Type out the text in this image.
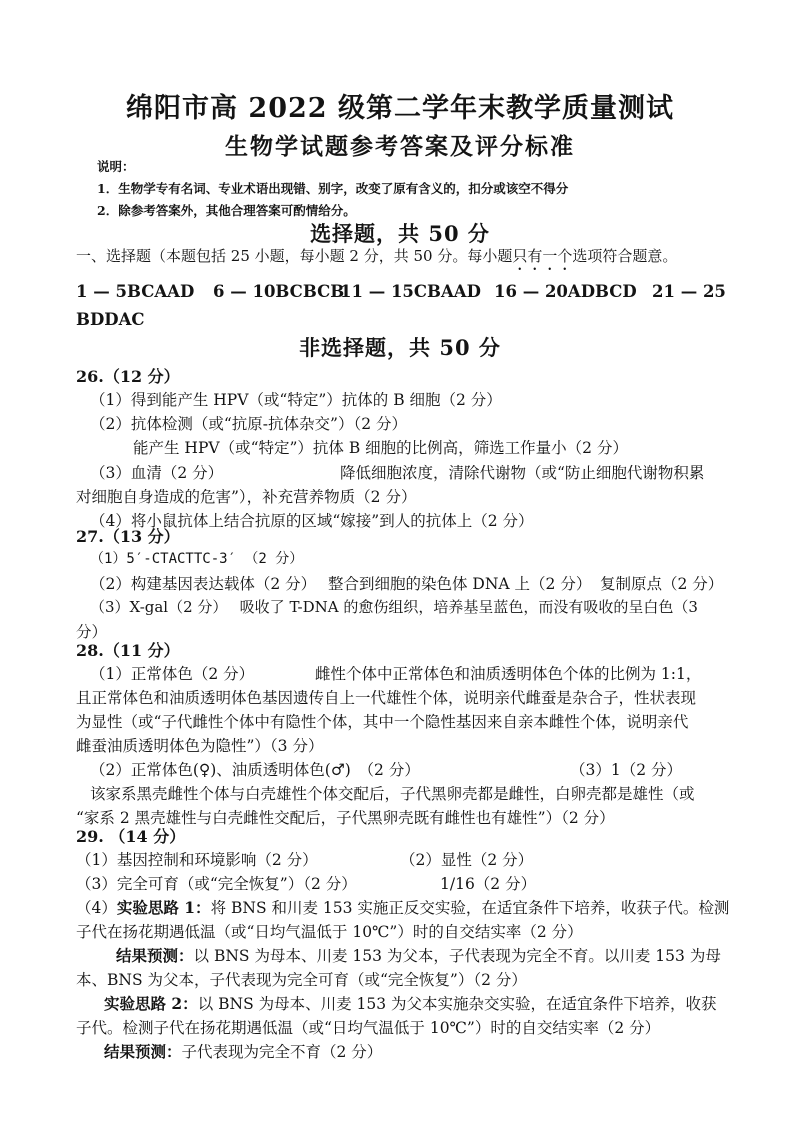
绵阳市高 2022 级第二学年末教学质量测试
生物学试题参考答案及评分标准
说明：
1．生物学专有名词、专业术语出现错、别字，改变了原有含义的，扣分或该空不得分
2．除参考答案外，其他合理答案可酌情给分。
选择题，共 50 分
一、选择题（本题包括 25 小题，每小题 2 分，共 50 分。每小题只有一个选项符合题意。
1 — 5BCAAD 6 — 10BCBCB
11 — 15CBAAD 16 — 20ADBCD 21 — 25
BDDAC
非选择题，共 50 分
26.（12 分）
（1）得到能产生 HPV（或“特定”）抗体的 B 细胞（2 分）
（2）抗体检测（或“抗原-抗体杂交”）（2 分）
能产生 HPV（或“特定”）抗体 B 细胞的比例高，筛选工作量小（2 分）
（3）血清（2 分）	降低细胞浓度，清除代谢物（或“防止细胞代谢物积累
对细胞自身造成的危害”），补充营养物质（2 分）
（4）将小鼠抗体上结合抗原的区域“嫁接”到人的抗体上（2 分）
27.（13 分）
（1）5′-CTACTTC-3′ （2 分）
（2）构建基因表达载体（2 分） 整合到细胞的染色体 DNA 上（2 分） 复制原点（2 分）
（3）X-gal（2 分）　 吸收了 T-DNA 的愈伤组织，培养基呈蓝色，而没有吸收的呈白色（3
分）
28.（11 分）
（1）正常体色（2 分）	雌性个体中正常体色和油质透明体色个体的比例为 1:1，
且正常体色和油质透明体色基因遗传自上一代雄性个体，说明亲代雌蚕是杂合子，性状表现
为显性（或“子代雌性个体中有隐性个体，其中一个隐性基因来自亲本雌性个体，说明亲代
雌蚕油质透明体色为隐性”）（3 分）
（2）正常体色(♀)、油质透明体色(♂)　（2 分）	（3）1（2 分）
该家系黑壳雌性个体与白壳雄性个体交配后，子代黑卵壳都是雌性，白卵壳都是雄性（或
“家系 2 黑壳雄性与白壳雌性交配后，子代黑卵壳既有雌性也有雄性”）（2 分）
29. （14 分）
（1）基因控制和环境影响（2 分）	（2）显性（2 分）
（3）完全可育（或“完全恢复”）（2 分）	1/16（2 分）
（4）实验思路 1：将 BNS 和川麦 153 实施正反交实验，在适宜条件下培养，收获子代。检测
子代在扬花期遇低温（或“日均气温低于 10℃”）时的自交结实率（2 分）
结果预测：以 BNS 为母本、川麦 153 为父本，子代表现为完全不育。以川麦 153 为母
本、BNS 为父本，子代表现为完全可育（或“完全恢复”）（2 分）
实验思路 2：以 BNS 为母本、川麦 153 为父本实施杂交实验，在适宜条件下培养，收获
子代。检测子代在扬花期遇低温（或“日均气温低于 10℃”）时的自交结实率（2 分）
结果预测：子代表现为完全不育（2 分）
